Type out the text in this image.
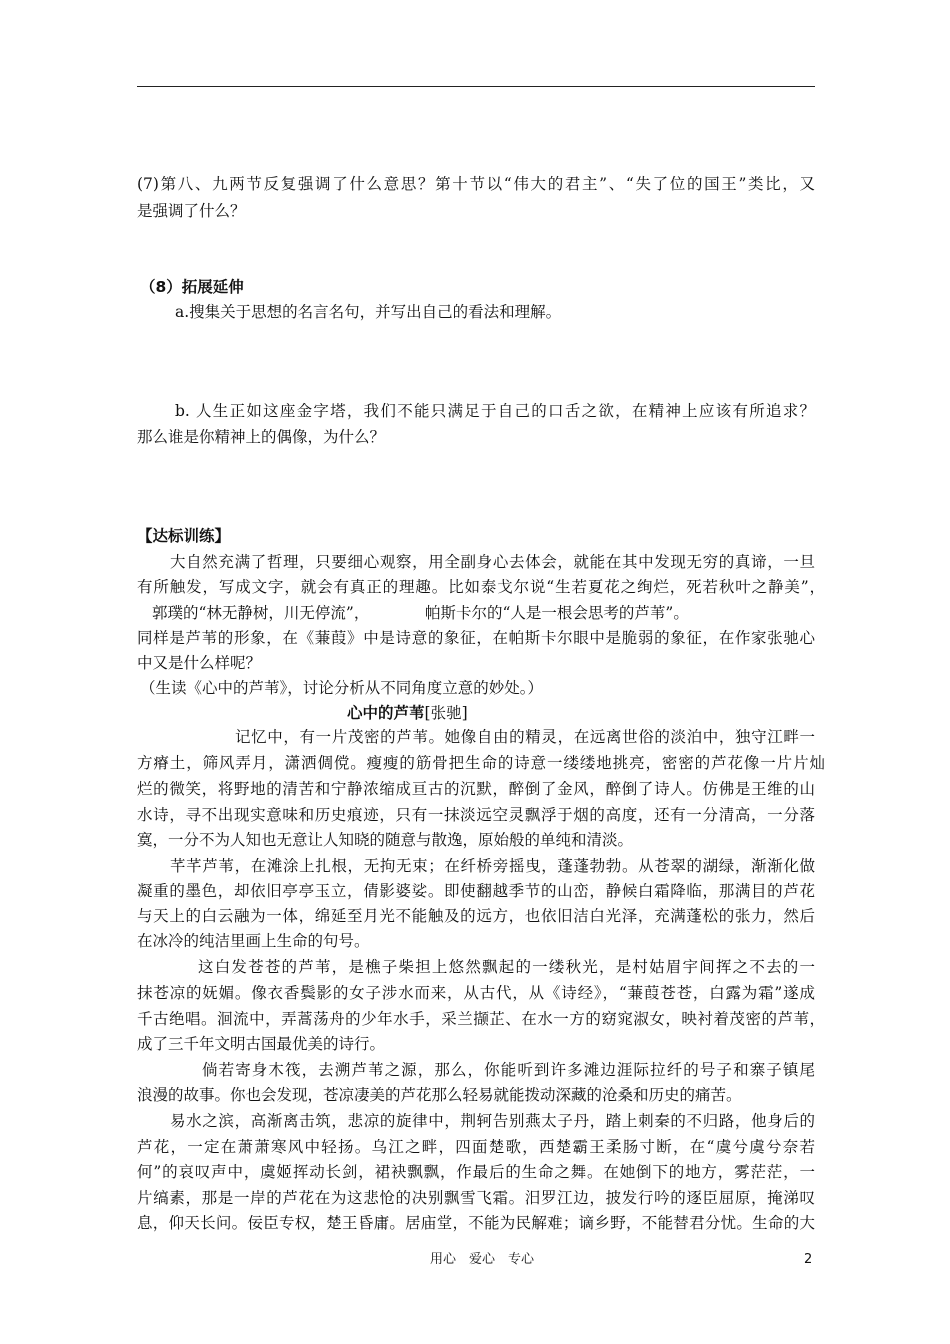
(7)第八、九两节反复强调了什么意思？第十节以“伟大的君主”、“失了位的国王”类比，又
是强调了什么？
（8）拓展延伸
a.搜集关于思想的名言名句，并写出自己的看法和理解。
b. 人生正如这座金字塔，我们不能只满足于自己的口舌之欲，在精神上应该有所追求？
那么谁是你精神上的偶像，为什么？
【达标训练】
大自然充满了哲理，只要细心观察，用全副身心去体会，就能在其中发现无穷的真谛，一旦
有所触发，写成文字，就会有真正的理趣。比如泰戈尔说“生若夏花之绚烂，死若秋叶之静美”，
郭璞的“林无静树，川无停流”，	帕斯卡尔的“人是一根会思考的芦苇”。
同样是芦苇的形象，在《蒹葭》中是诗意的象征，在帕斯卡尔眼中是脆弱的象征，在作家张驰心
中又是什么样呢？
（生读《心中的芦苇》，讨论分析从不同角度立意的妙处。）
心中的芦苇[张驰]
记忆中，有一片茂密的芦苇。她像自由的精灵，在远离世俗的淡泊中，独守江畔一
方瘠土，筛风弄月，潇洒倜傥。瘦瘦的筋骨把生命的诗意一缕缕地挑亮，密密的芦花像一片片灿
烂的微笑，将野地的清苦和宁静浓缩成亘古的沉默，醉倒了金风，醉倒了诗人。仿佛是王维的山
水诗，寻不出现实意味和历史痕迹，只有一抹淡远空灵飘浮于烟的高度，还有一分清高，一分落
寞，一分不为人知也无意让人知晓的随意与散逸，原始般的单纯和清淡。
芊芊芦苇，在滩涂上扎根，无拘无束；在纤桥旁摇曳，蓬蓬勃勃。从苍翠的湖绿，渐渐化做
凝重的墨色，却依旧亭亭玉立，倩影婆娑。即使翻越季节的山峦，静候白霜降临，那满目的芦花
与天上的白云融为一体，绵延至月光不能触及的远方，也依旧洁白光泽，充满蓬松的张力，然后
在冰冷的纯洁里画上生命的句号。
这白发苍苍的芦苇，是樵子柴担上悠然飘起的一缕秋光，是村姑眉宇间挥之不去的一
抹苍凉的妩媚。像衣香鬓影的女子涉水而来，从古代，从《诗经》，“蒹葭苍苍，白露为霜”遂成
千古绝唱。洄流中，弄蒿荡舟的少年水手，采兰撷芷、在水一方的窈窕淑女，映衬着茂密的芦苇，
成了三千年文明古国最优美的诗行。
倘若寄身木筏，去溯芦苇之源，那么，你能听到许多滩边涯际拉纤的号子和寨子镇尾
浪漫的故事。你也会发现，苍凉凄美的芦花那么轻易就能拨动深藏的沧桑和历史的痛苦。
易水之滨，高渐离击筑，悲凉的旋律中，荆轲告别燕太子丹，踏上刺秦的不归路，他身后的
芦花，一定在萧萧寒风中轻扬。乌江之畔，四面楚歌，西楚霸王柔肠寸断，在“虞兮虞兮奈若
何”的哀叹声中，虞姬挥动长剑，裙袂飘飘，作最后的生命之舞。在她倒下的地方，雾茫茫，一
片缟素，那是一岸的芦花在为这悲怆的决别飘雪飞霜。汨罗江边，披发行吟的逐臣屈原，掩涕叹
息，仰天长问。佞臣专权，楚王昏庸。居庙堂，不能为民解难；谪乡野，不能替君分忧。生命的大
用心　爱心　专心	2
